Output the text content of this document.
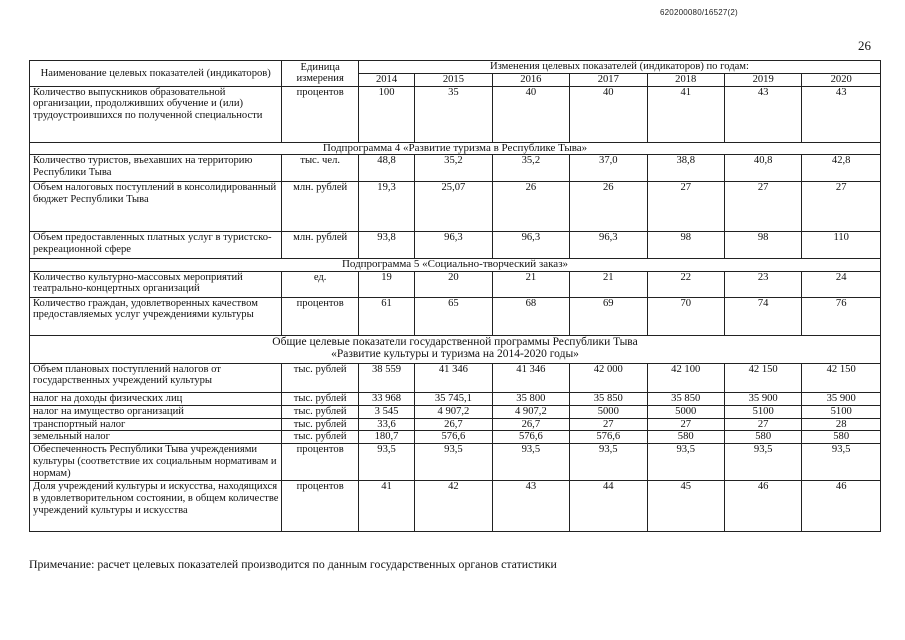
620200080/16527(2)
26
Наименование целевых показателей (индикаторов)	Единица измерения	Изменения целевых показателей (индикаторов) по годам:						
		2014	2015	2016	2017	2018	2019	2020
Количество выпускников образовательной организации, продолживших обучение и (или) трудоустроившихся по полученной специальности	процентов	100	35	40	40	41	43	43

Подпрограмма 4 «Развитие туризма в Республике Тыва»								

Количество туристов, въехавших на территорию Республики Тыва	тыс. чел.	48,8	35,2	35,2	37,0	38,8	40,8	42,8
Объем налоговых поступлений в консолидированный бюджет Республики Тыва	млн. рублей	19,3	25,07	26	26	27	27	27
Объем предоставленных платных услуг в туристско-рекреационной сфере	млн. рублей	93,8	96,3	96,3	96,3	98	98	110

Подпрограмма 5 «Социально-творческий заказ»								

Количество культурно-массовых мероприятий театрально-концертных организаций	ед.	19	20	21	21	22	23	24
Количество граждан, удовлетворенных качеством предоставляемых услуг учреждениями культуры	процентов	61	65	68	69	70	74	76

Общие целевые показатели государственной программы Республики Тыва
«Развитие культуры и туризма на 2014-2020 годы»								

Объем плановых поступлений налогов от государственных учреждений культуры	тыс. рублей	38 559	41 346	41 346	42 000	42 100	42 150	42 150
налог на доходы физических лиц	тыс. рублей	33 968	35 745,1	35 800	35 850	35 850	35 900	35 900
налог на имущество организаций	тыс. рублей	3 545	4 907,2	4 907,2	5000	5000	5100	5100
транспортный налог	тыс. рублей	33,6	26,7	26,7	27	27	27	28
земельный налог	тыс. рублей	180,7	576,6	576,6	576,6	580	580	580
Обеспеченность Республики Тыва учреждениями культуры (соответствие их социальным нормативам и нормам)	процентов	93,5	93,5	93,5	93,5	93,5	93,5	93,5
Доля учреждений культуры и искусства, находящихся в удовлетворительном состоянии, в общем количестве учреждений культуры и искусства	процентов	41	42	43	44	45	46	46
Примечание: расчет целевых показателей производится по данным государственных органов статистики
